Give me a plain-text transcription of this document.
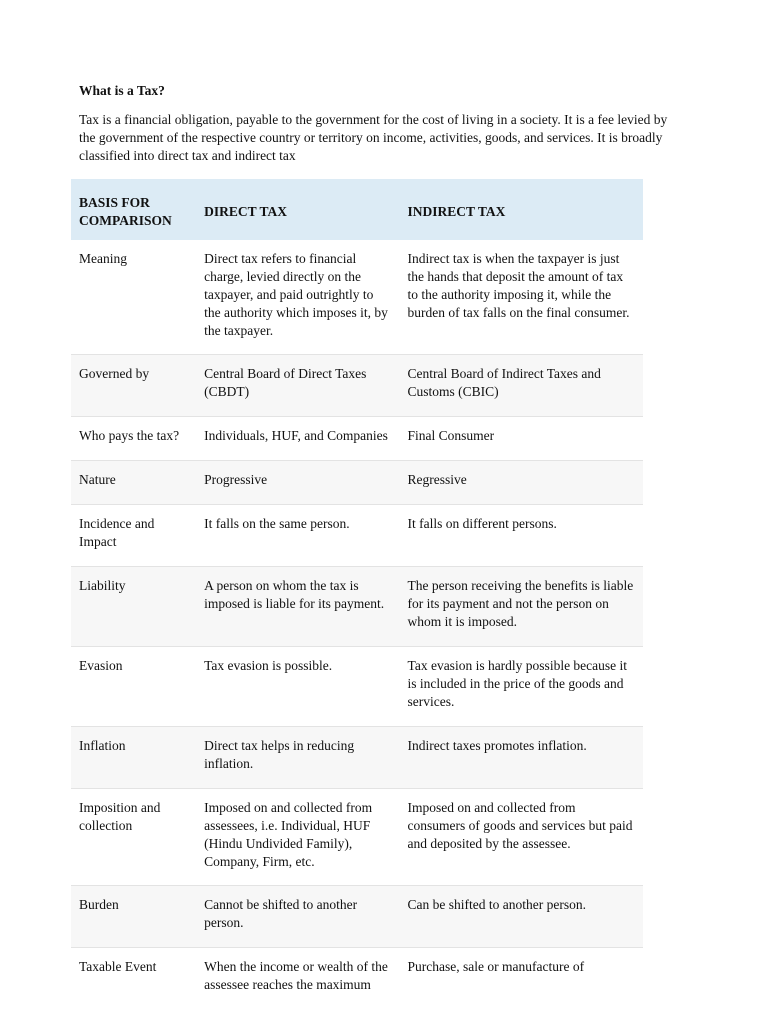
What is a Tax?

Tax is a financial obligation, payable to the government for the cost of living in a society. It is a fee levied by the government of the respective country or territory on income, activities, goods, and services. It is broadly classified into direct tax and indirect tax

BASIS FOR COMPARISON	DIRECT TAX	INDIRECT TAX
Meaning	Direct tax refers to financial charge, levied directly on the taxpayer, and paid outrightly to the authority which imposes it, by the taxpayer.	Indirect tax is when the taxpayer is just the hands that deposit the amount of tax to the authority imposing it, while the burden of tax falls on the final consumer.
Governed by	Central Board of Direct Taxes (CBDT)	Central Board of Indirect Taxes and Customs (CBIC)
Who pays the tax?	Individuals, HUF, and Companies	Final Consumer
Nature	Progressive	Regressive
Incidence and Impact	It falls on the same person.	It falls on different persons.
Liability	A person on whom the tax is imposed is liable for its payment.	The person receiving the benefits is liable for its payment and not the person on whom it is imposed.
Evasion	Tax evasion is possible.	Tax evasion is hardly possible because it is included in the price of the goods and services.
Inflation	Direct tax helps in reducing inflation.	Indirect taxes promotes inflation.
Imposition and collection	Imposed on and collected from assessees, i.e. Individual, HUF (Hindu Undivided Family), Company, Firm, etc.	Imposed on and collected from consumers of goods and services but paid and deposited by the assessee.
Burden	Cannot be shifted to another person.	Can be shifted to another person.
Taxable Event	When the income or wealth of the assessee reaches the maximum	Purchase, sale or manufacture of
